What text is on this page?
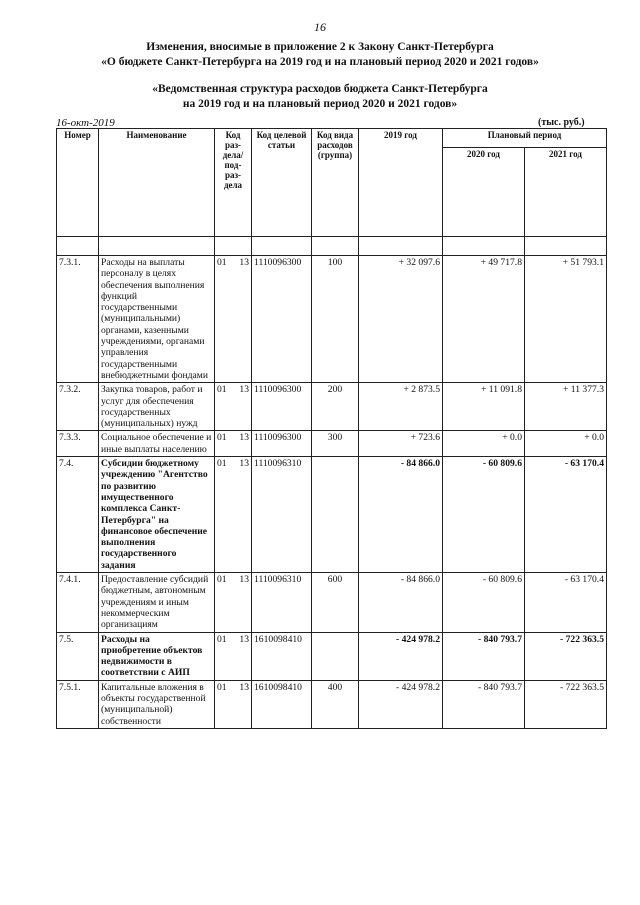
16
Изменения, вносимые в приложение 2 к Закону Санкт-Петербурга
«О бюджете Санкт-Петербурга на 2019 год и на плановый период 2020 и 2021 годов»
«Ведомственная структура расходов бюджета Санкт-Петербурга
на 2019 год и на плановый период 2020 и 2021 годов»
16-окт-2019	(тыс. руб.)
Номер	Наименование	Код раз-дела/ под-раз-дела	Код целевой статьи	Код вида расходов (группа)	2019 год	Плановый период	
						2020 год	2021 год

7.3.1.	Расходы на выплаты персоналу в целях обеспечения выполнения функций государственными (муниципальными) органами, казенными учреждениями, органами управления государственными внебюджетными фондами	01 13	1110096300	100	+ 32 097.6	+ 49 717.8	+ 51 793.1
7.3.2.	Закупка товаров, работ и услуг для обеспечения государственных (муниципальных) нужд	01 13	1110096300	200	+ 2 873.5	+ 11 091.8	+ 11 377.3
7.3.3.	Социальное обеспечение и иные выплаты населению	01 13	1110096300	300	+ 723.6	+ 0.0	+ 0.0
7.4.	Субсидии бюджетному учреждению "Агентство по развитию имущественного комплекса Санкт-Петербурга" на финансовое обеспечение выполнения государственного задания	01 13	1110096310		- 84 866.0	- 60 809.6	- 63 170.4
7.4.1.	Предоставление субсидий бюджетным, автономным учреждениям и иным некоммерческим организациям	01 13	1110096310	600	- 84 866.0	- 60 809.6	- 63 170.4
7.5.	Расходы на приобретение объектов недвижимости в соответствии с АИП	01 13	1610098410		- 424 978.2	- 840 793.7	- 722 363.5
7.5.1.	Капитальные вложения в объекты государственной (муниципальной) собственности	01 13	1610098410	400	- 424 978.2	- 840 793.7	- 722 363.5
